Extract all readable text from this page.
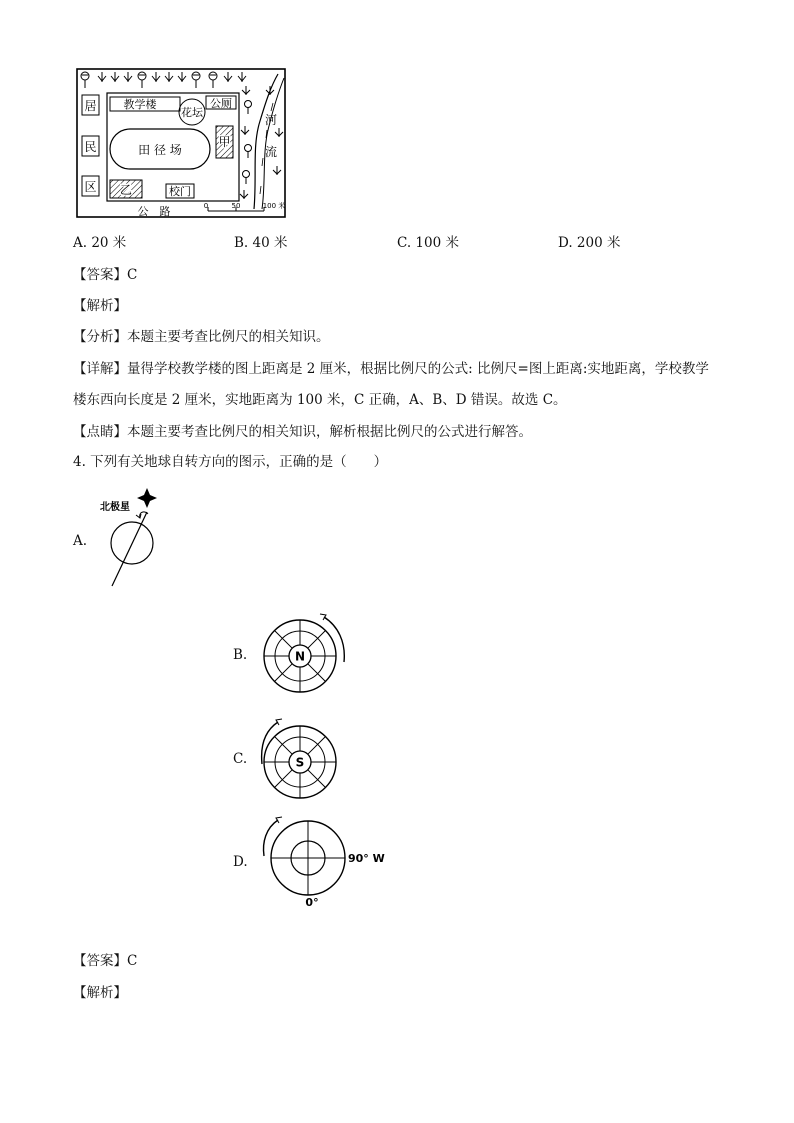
居
民
区
教学楼
花坛
公厕
田 径 场
甲
乙	校门
河
流
公　路	0	50	100 米
A. 20 米	B. 40 米	C. 100 米	D. 200 米
【答案】C
【解析】
【分析】本题主要考查比例尺的相关知识。
【详解】量得学校教学楼的图上距离是 2 厘米，根据比例尺的公式: 比例尺=图上距离:实地距离，学校教学
楼东西向长度是 2 厘米，实地距离为 100 米，C 正确，A、B、D 错误。故选 C。
【点睛】本题主要考查比例尺的相关知识，解析根据比例尺的公式进行解答。
4. 下列有关地球自转方向的图示，正确的是（　　）
A.
北极星
B.	N
C.	S
D.	90° W
0°
【答案】C
【解析】
